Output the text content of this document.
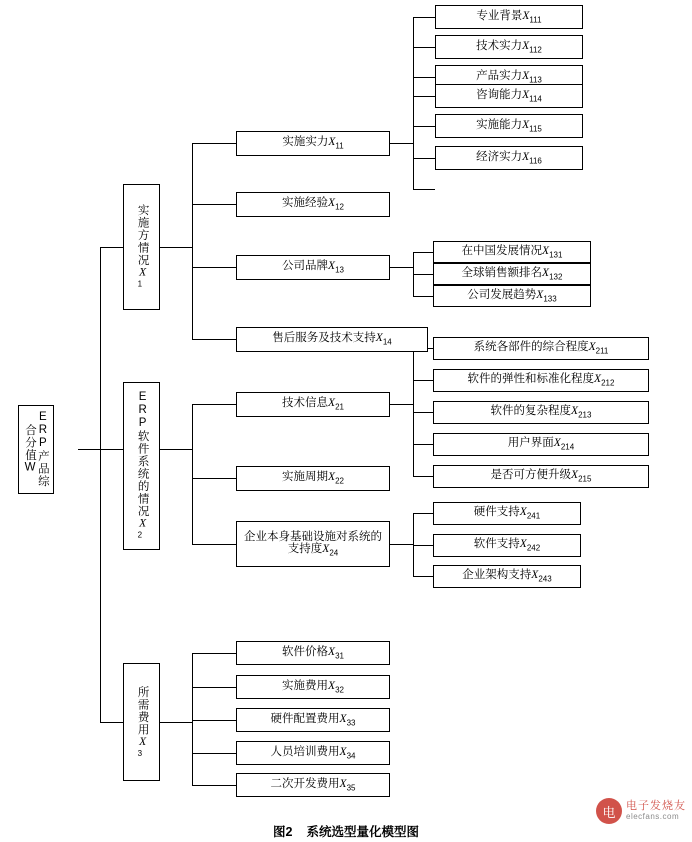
ERP产品综合分值W
实施方情况$X_1$
ERP软件系统的情况$X_2$
所需费用$X_3$
实施实力$X_{11}$
实施经验$X_{12}$
公司品牌$X_{13}$
售后服务及技术支持$X_{14}$
技术信息$X_{21}$
实施周期$X_{22}$
企业本身基础设施对系统的支持度$X_{24}$
软件价格$X_{31}$
实施费用$X_{32}$
硬件配置费用$X_{33}$
人员培训费用$X_{34}$
二次开发费用$X_{35}$
专业背景$X_{111}$
技术实力$X_{112}$
产品实力$X_{113}$
咨询能力$X_{114}$
实施能力$X_{115}$
经济实力$X_{116}$
在中国发展情况$X_{131}$
全球销售额排名$X_{132}$
公司发展趋势$X_{133}$
系统各部件的综合程度$X_{211}$
软件的弹性和标准化程度$X_{212}$
软件的复杂程度$X_{213}$
用户界面$X_{214}$
是否可方便升级$X_{215}$
硬件支持$X_{241}$
软件支持$X_{242}$
企业架构支持$X_{243}$
图2 系统选型量化模型图
电 电子发烧友
elecfans.com
